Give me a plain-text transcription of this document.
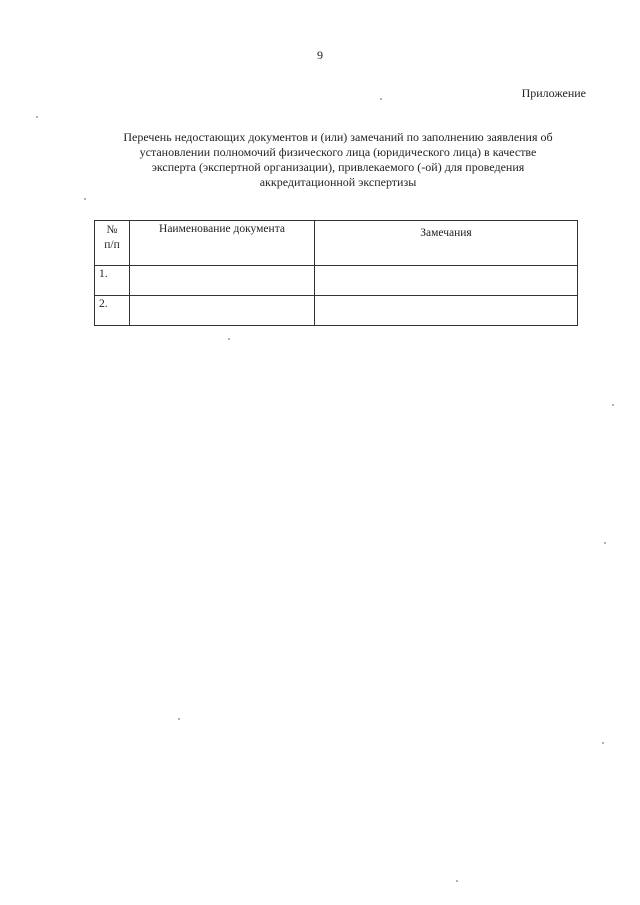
9
Приложение
Перечень недостающих документов и (или) замечаний по заполнению заявления об
установлении полномочий физического лица (юридического лица) в качестве
эксперта (экспертной организации), привлекаемого (-ой) для проведения
аккредитационной экспертизы
№
п/п	Наименование документа	Замечания
1.		
2.		
